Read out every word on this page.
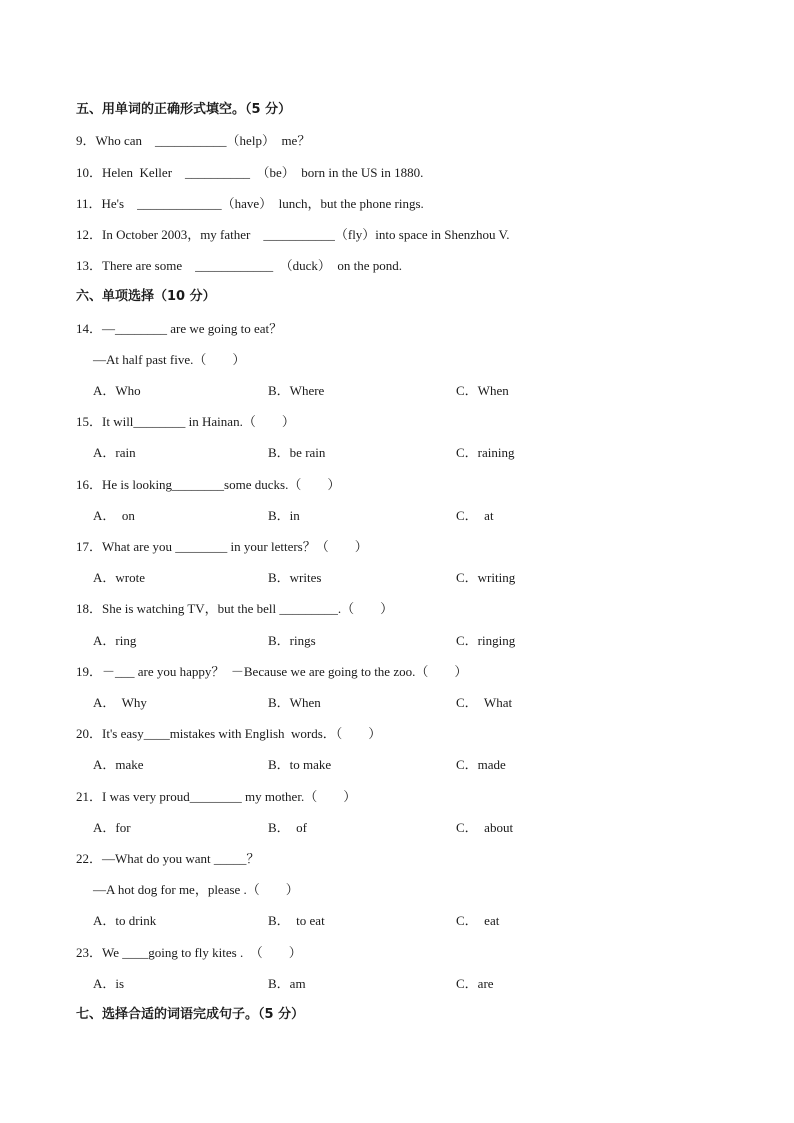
五、用单词的正确形式填空。（5 分）
9．Who can    ___________（help）  me？
10．Helen  Keller    __________  （be）  born in the US in 1880.
11．He's    _____________（have）  lunch，but the phone rings.
12．In October 2003，my father    ___________（fly）into space in Shenzhou V.
13．There are some    ____________  （duck）  on the pond.
六、单项选择（10 分）
14．—________ are we going to eat？
—At half past five.（        ）
A．Who	B．Where	C．When
15．It will________ in Hainan.（        ）
A．rain	B．be rain	C．raining
16．He is looking________some ducks.（        ）
A．  on	B．in	C．  at
17．What are you ________ in your letters？（        ）
A．wrote	B．writes	C．writing
18．She is watching TV，but the bell _________.（        ）
A．ring	B．rings	C．ringing
19．－___ are you happy？  －Because we are going to the zoo.（        ）
A．  Why	B．When	C．  What
20．It's easy____mistakes with English  words．（        ）
A．make	B．to make	C．made
21．I was very proud________ my mother.（        ）
A．for	B．  of	C．  about
22．—What do you want _____？
—A hot dog for me，please .（        ）
A．to drink	B．  to eat	C．  eat
23．We ____going to fly kites .  （        ）
A．is	B．am	C．are
七、选择合适的词语完成句子。（5 分）
